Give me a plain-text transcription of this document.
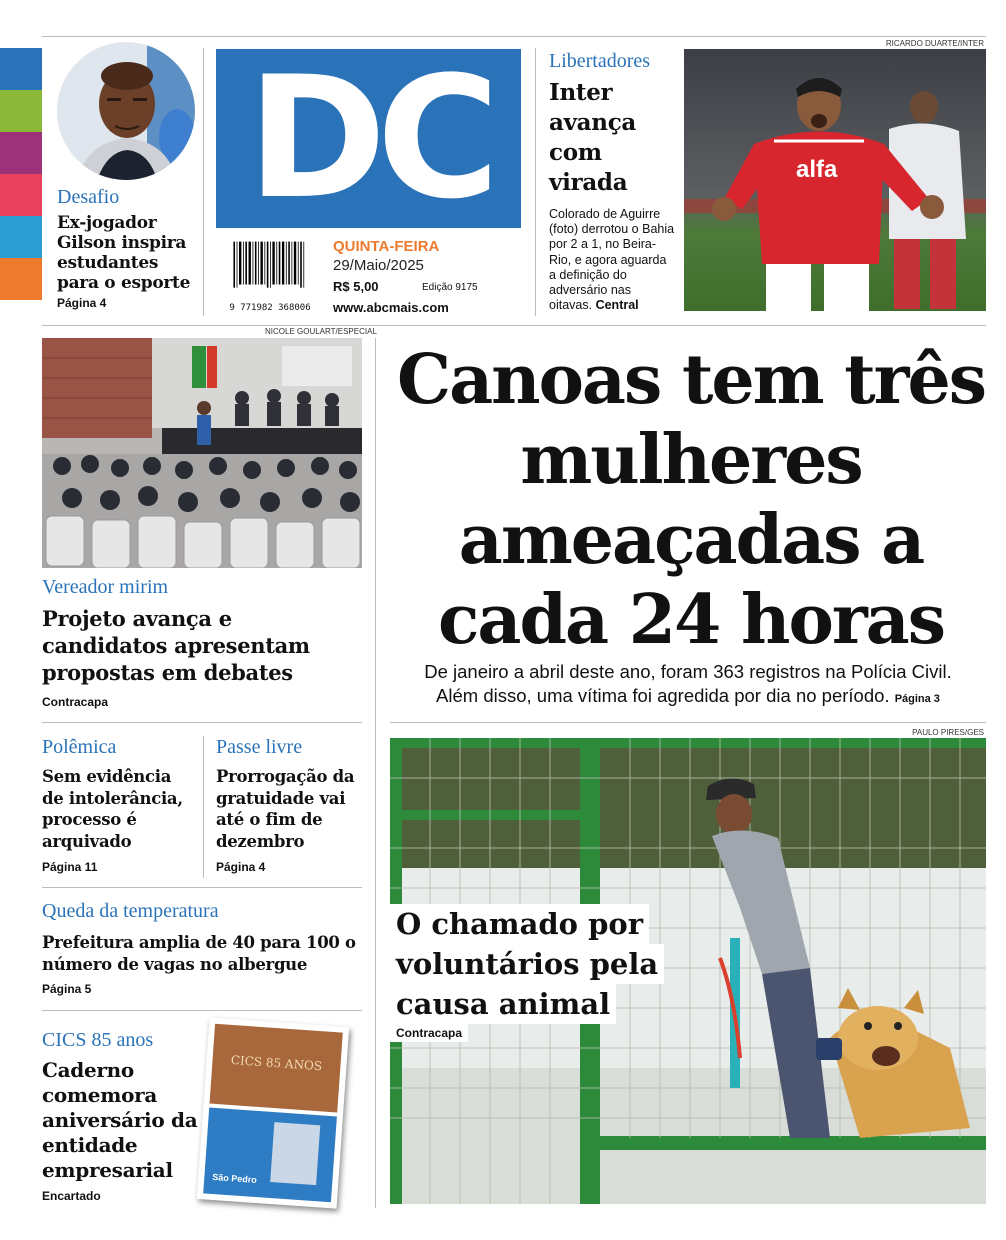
RICARDO DUARTE/INTER
Desafio
Ex-jogador Gilson inspira estudantes para o esporte
Página 4
DC
9 771982 368006
QUINTA-FEIRA
29/Maio/2025
R$ 5,00	Edição 9175
www.abcmais.com
Libertadores
Inter avança com virada
Colorado de Aguirre (foto) derrotou o Bahia por 2 a 1, no Beira-Rio, e agora aguarda a definição do adversário nas oitavas. Central
alfa
NICOLE GOULART/ESPECIAL
Vereador mirim
Projeto avança e candidatos apresentam propostas em debates
Contracapa
Canoas tem três mulheres ameaçadas a cada 24 horas
De janeiro a abril deste ano, foram 363 registros na Polícia Civil.
Além disso, uma vítima foi agredida por dia no período. Página 3
PAULO PIRES/GES
O chamado por
voluntários pela
causa animal
Contracapa
Polêmica
Sem evidência de intolerância, processo é arquivado
Página 11
Passe livre
Prorrogação da gratuidade vai até o fim de dezembro
Página 4
Queda da temperatura
Prefeitura amplia de 40 para 100 o número de vagas no albergue
Página 5
CICS 85 anos
Caderno comemora aniversário da entidade empresarial
Encartado
CICS 85 ANOS
São Pedro
